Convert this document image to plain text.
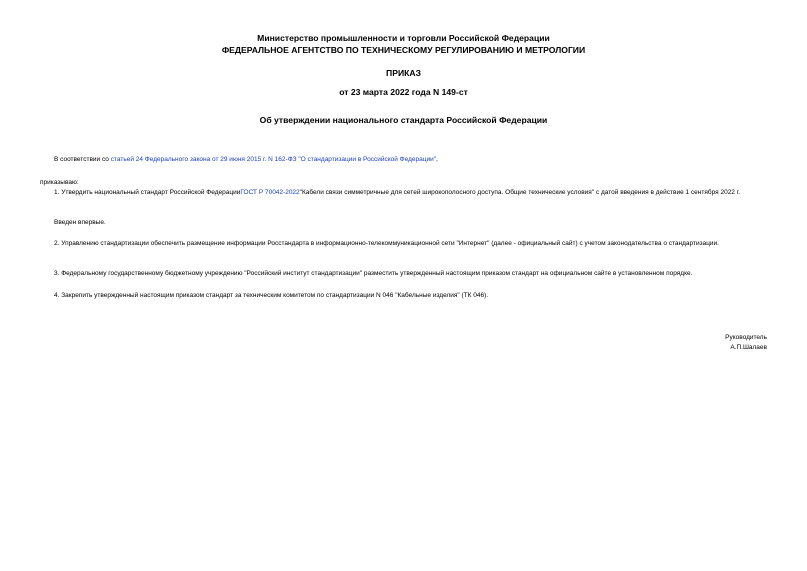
Министерство промышленности и торговли Российской Федерации
ФЕДЕРАЛЬНОЕ АГЕНТСТВО ПО ТЕХНИЧЕСКОМУ РЕГУЛИРОВАНИЮ И МЕТРОЛОГИИ
ПРИКАЗ
от 23 марта 2022 года N 149-ст
Об утверждении национального стандарта Российской Федерации
В соответствии со статьей 24 Федерального закона от 29 июня 2015 г. N 162-ФЗ "О стандартизации в Российской Федерации",
приказываю:
1. Утвердить национальный стандарт Российской ФедерацииГОСТ Р 70042-2022"Кабели связи симметричные для сетей широкополосного доступа. Общие технические условия" с датой введения в действие 1 сентября 2022 г.
Введен впервые.
2. Управлению стандартизации обеспечить размещение информации Росстандарта в информационно-телекоммуникационной сети "Интернет" (далее - официальный сайт) с учетом законодательства о стандартизации.
3. Федеральному государственному бюджетному учреждению "Российский институт стандартизации" разместить утвержденный настоящим приказом стандарт на официальном сайте в установленном порядке.
4. Закрепить утвержденный настоящим приказом стандарт за техническим комитетом по стандартизации N 046 "Кабельные изделия" (ТК 046).
Руководитель
А.П.Шалаев
